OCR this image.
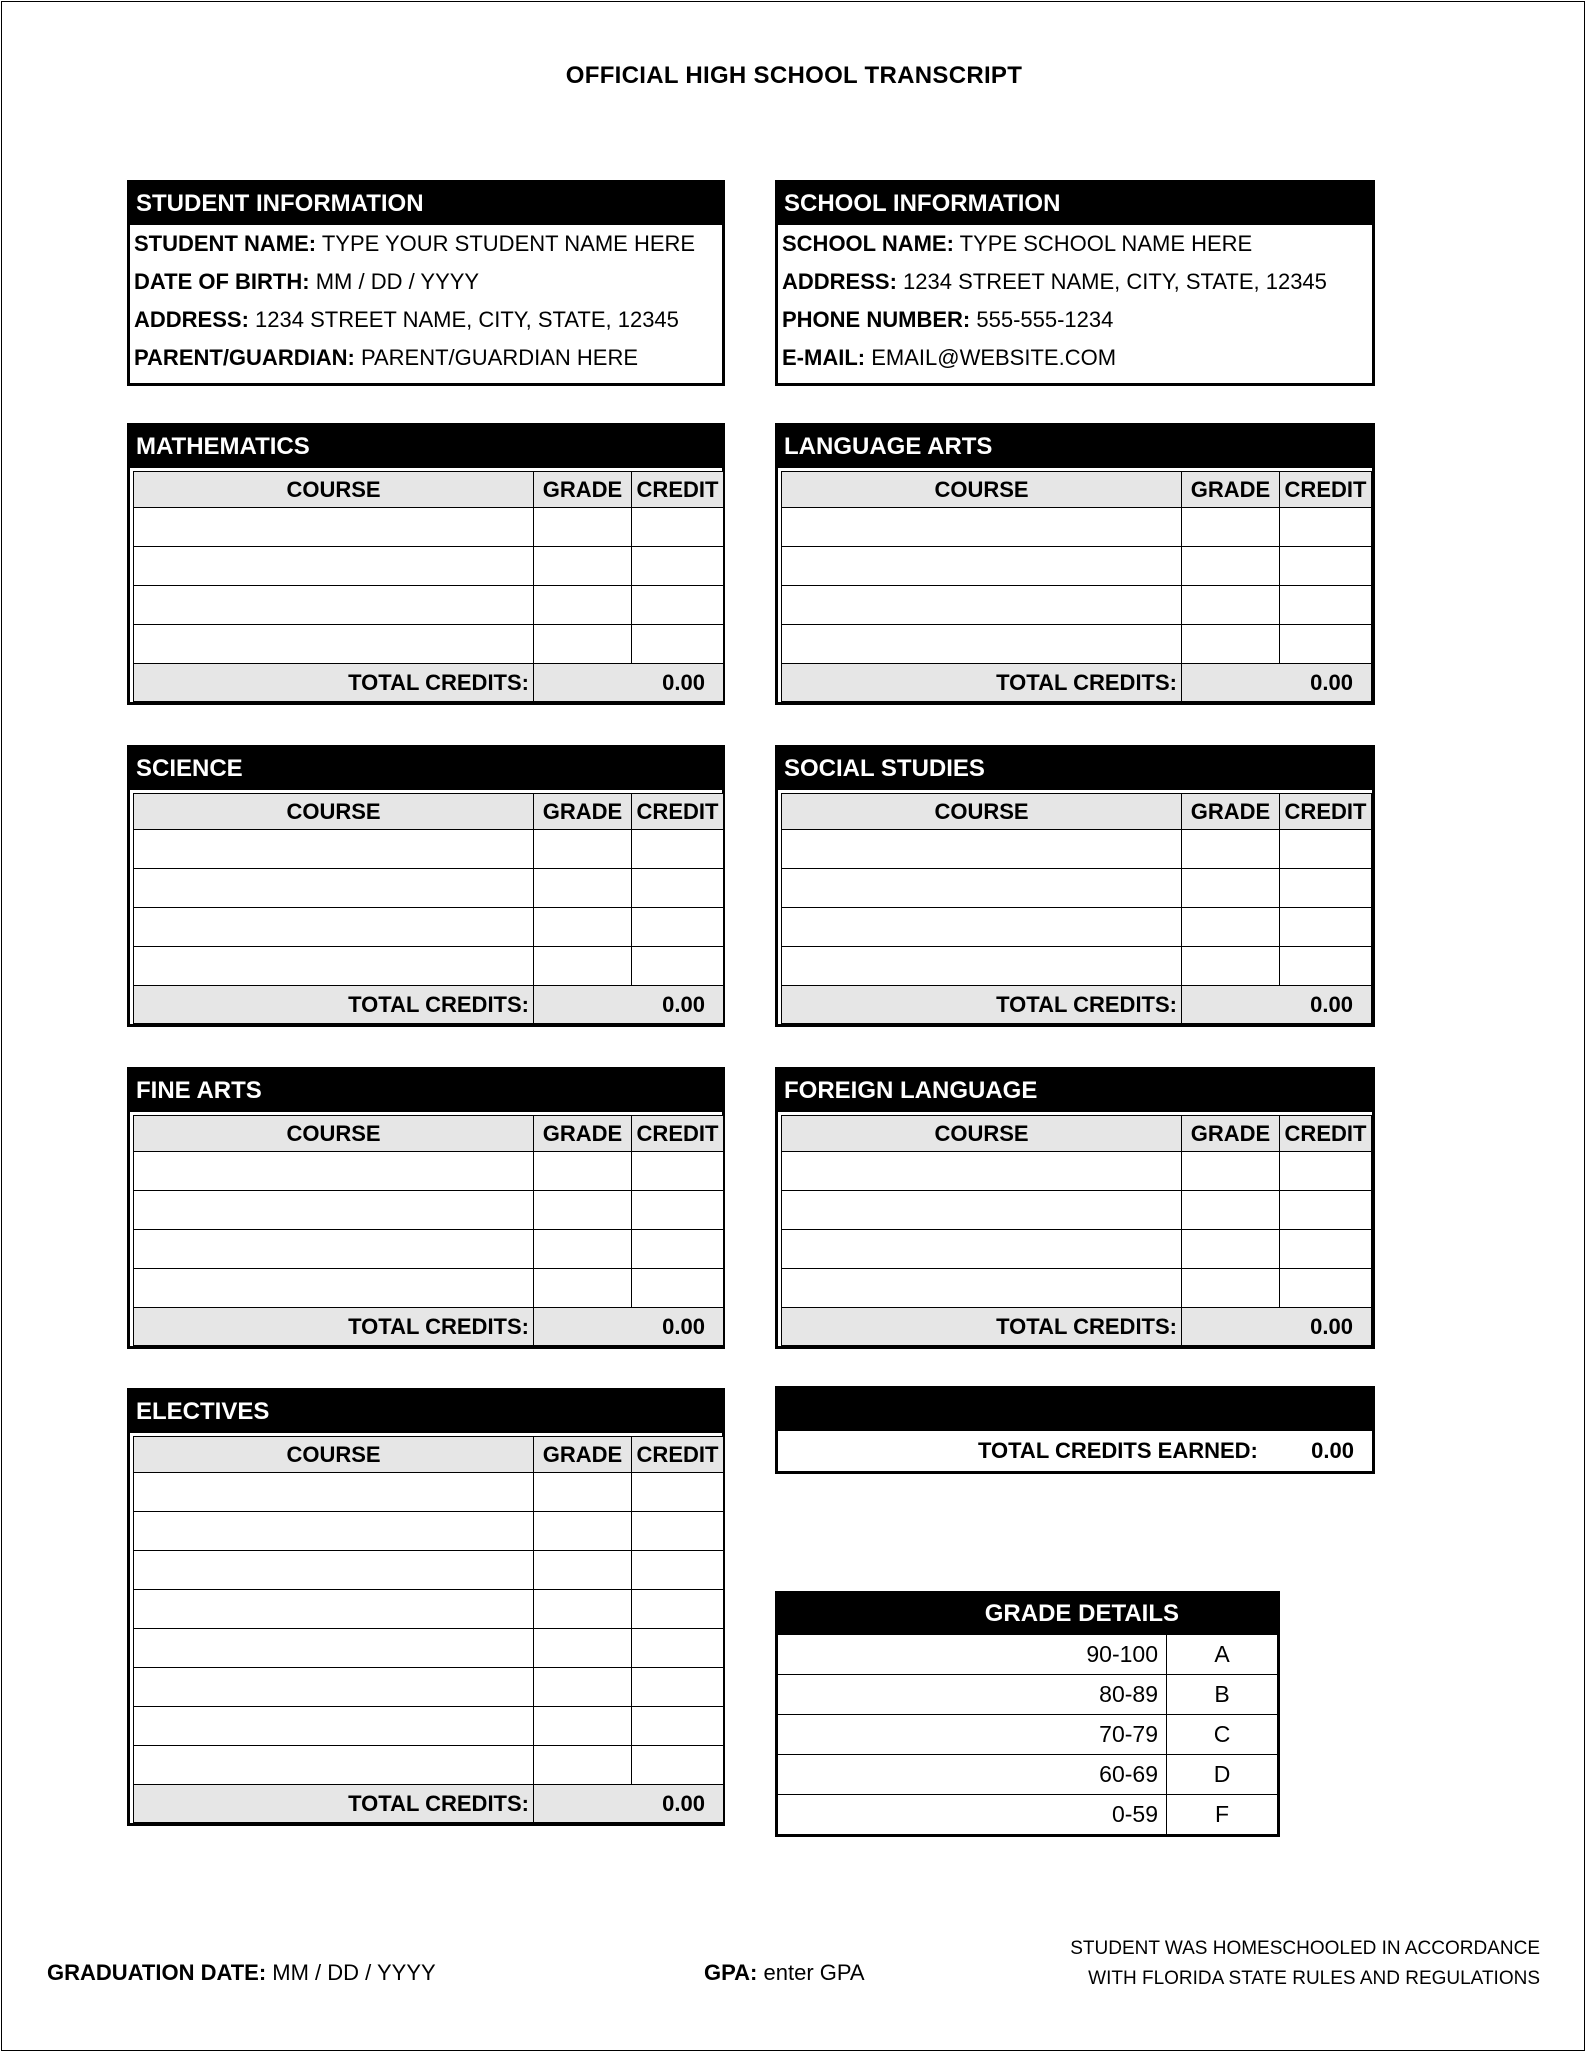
OFFICIAL HIGH SCHOOL TRANSCRIPT
STUDENT INFORMATION
STUDENT NAME: TYPE YOUR STUDENT NAME HERE
DATE OF BIRTH: MM / DD / YYYY
ADDRESS: 1234 STREET NAME, CITY, STATE, 12345
PARENT/GUARDIAN: PARENT/GUARDIAN HERE
SCHOOL INFORMATION
SCHOOL NAME: TYPE SCHOOL NAME HERE
ADDRESS: 1234 STREET NAME, CITY, STATE, 12345
PHONE NUMBER: 555-555-1234
E-MAIL: EMAIL@WEBSITE.COM
MATHEMATICS
COURSE	GRADE	CREDIT

TOTAL CREDITS:	0.00	
LANGUAGE ARTS
COURSE	GRADE	CREDIT

TOTAL CREDITS:	0.00	
SCIENCE
COURSE	GRADE	CREDIT

TOTAL CREDITS:	0.00	
SOCIAL STUDIES
COURSE	GRADE	CREDIT

TOTAL CREDITS:	0.00	
FINE ARTS
COURSE	GRADE	CREDIT

TOTAL CREDITS:	0.00	
FOREIGN LANGUAGE
COURSE	GRADE	CREDIT

TOTAL CREDITS:	0.00	
ELECTIVES
COURSE	GRADE	CREDIT

TOTAL CREDITS:	0.00	
TOTAL CREDITS EARNED: 0.00
GRADE DETAILS
90-100	A
80-89	B
70-79	C
60-69	D
0-59	F
GRADUATION DATE: MM / DD / YYYY	GPA: enter GPA
STUDENT WAS HOMESCHOOLED IN ACCORDANCE
WITH FLORIDA STATE RULES AND REGULATIONS
